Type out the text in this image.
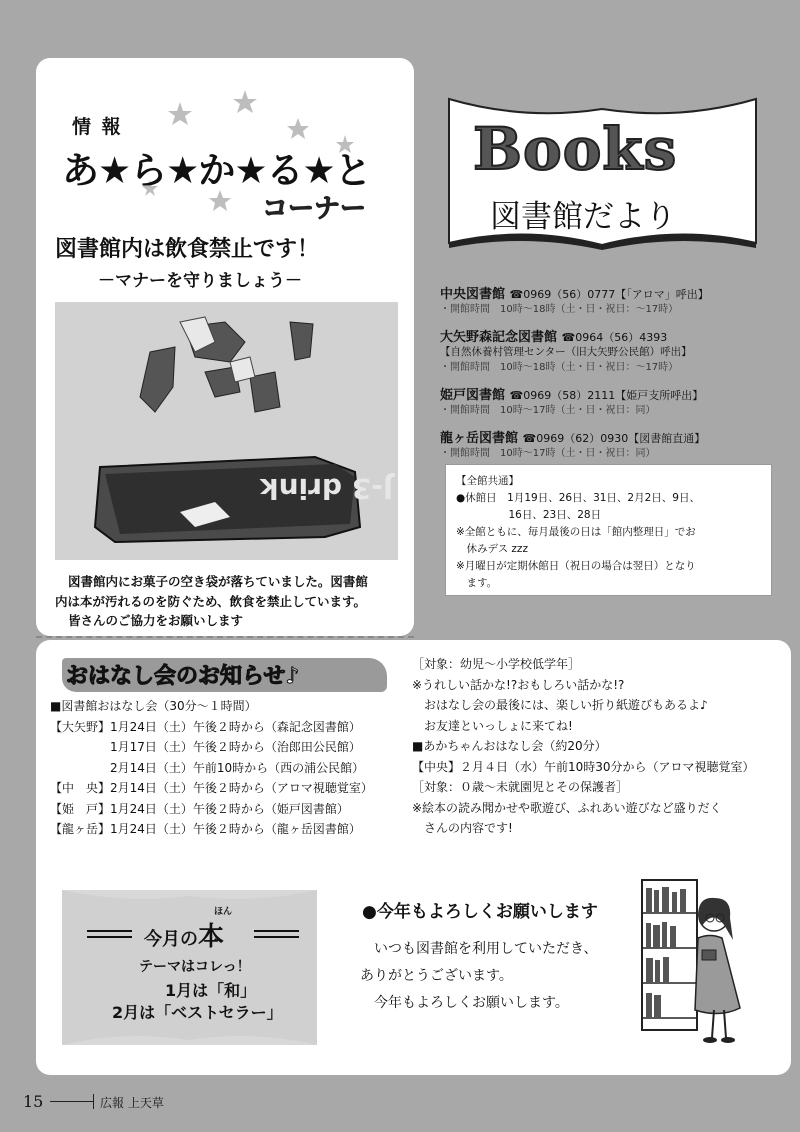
情 報
あ★ら★か★る★と
コーナー
図書館内は飲食禁止です！
－マナーを守りましょう－
J-3 drink
図書館内にお菓子の空き袋が落ちていました。図書館
内は本が汚れるのを防ぐため、飲食を禁止しています。
皆さんのご協力をお願いします
Books
図書館だより
中央図書館 ☎0969（56）0777【「アロマ」呼出】
・開館時間　10時～18時（土・日・祝日：～17時）
大矢野森記念図書館 ☎0964（56）4393
【自然休養村管理センター（旧大矢野公民館）呼出】
・開館時間　10時～18時（土・日・祝日：～17時）
姫戸図書館 ☎0969（58）2111【姫戸支所呼出】
・開館時間　10時～17時（土・日・祝日：同）
龍ヶ岳図書館 ☎0969（62）0930【図書館直通】
・開館時間　10時～17時（土・日・祝日：同）

【全館共通】

●休館日　1月19日、26日、31日、2月2日、9日、

　　　　　16日、23日、28日

※全館ともに、毎月最後の日は「館内整理日」でお

　休みデス zzz

※月曜日が定期休館日（祝日の場合は翌日）となり

　ます。

おはなし会のお知らせ♪

■図書館おはなし会（30分～１時間）

【大矢野】1月24日（土）午後２時から（森記念図書館）

　　　　　1月17日（土）午後２時から（治郎田公民館）

　　　　　2月14日（土）午前10時から（西の浦公民館）

【中　央】2月14日（土）午後２時から（アロマ視聴覚室）

【姫　戸】1月24日（土）午後２時から（姫戸図書館）

【龍ヶ岳】1月24日（土）午後２時から（龍ヶ岳図書館）

［対象：幼児～小学校低学年］

※うれしい話かな!?おもしろい話かな!?

　おはなし会の最後には、楽しい折り紙遊びもあるよ♪

　お友達といっしょに来てね!

■あかちゃんおはなし会（約20分）

【中央】２月４日（水）午前10時30分から（アロマ視聴覚室）

［対象：０歳～未就園児とその保護者］

※絵本の読み聞かせや歌遊び、ふれあい遊びなど盛りだく

　さんの内容です!

ほん
今月の本
テーマはコレっ！
1月は「和」
2月は「ベストセラー」
●今年もよろしくお願いします
　いつも図書館を利用していただき、
ありがとうございます。
　今年もよろしくお願いします。
15	広報 上天草
